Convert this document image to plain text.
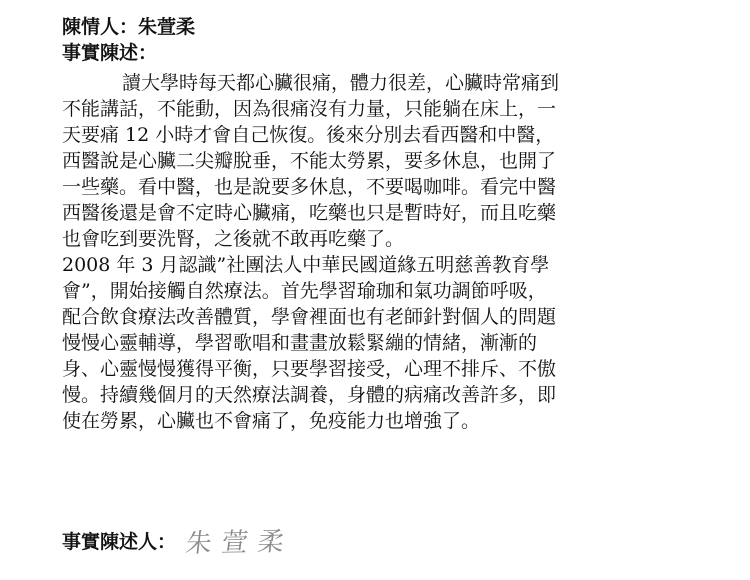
陳情人：朱萱柔
事實陳述：
讀大學時每天都心臟很痛，體力很差，心臟時常痛到
不能講話，不能動，因為很痛沒有力量，只能躺在床上，一
天要痛 12 小時才會自己恢復。後來分別去看西醫和中醫，
西醫說是心臟二尖瓣脫垂，不能太勞累，要多休息，也開了
一些藥。看中醫，也是說要多休息，不要喝咖啡。看完中醫
西醫後還是會不定時心臟痛，吃藥也只是暫時好，而且吃藥
也會吃到要洗腎，之後就不敢再吃藥了。
2008 年 3 月認識”社團法人中華民國道緣五明慈善教育學
會”，開始接觸自然療法。首先學習瑜珈和氣功調節呼吸，
配合飲食療法改善體質，學會裡面也有老師針對個人的問題
慢慢心靈輔導，學習歌唱和畫畫放鬆緊繃的情緒，漸漸的
身、心靈慢慢獲得平衡，只要學習接受，心理不排斥、不傲
慢。持續幾個月的天然療法調養，身體的病痛改善許多，即
使在勞累，心臟也不會痛了，免疫能力也增強了。
事實陳述人： 朱萱柔
